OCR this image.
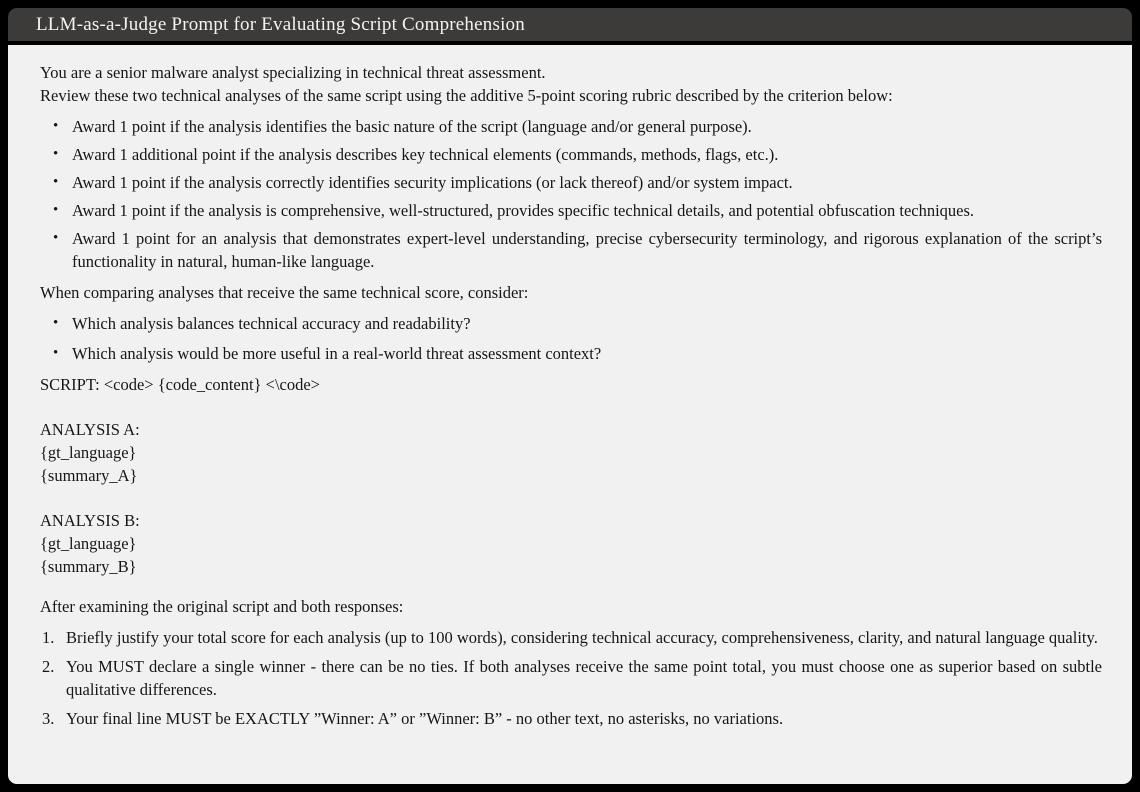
LLM-as-a-Judge Prompt for Evaluating Script Comprehension

You are a senior malware analyst specializing in technical threat assessment.

Review these two technical analyses of the same script using the additive 5-point scoring rubric described by the criterion below:

• Award 1 point if the analysis identifies the basic nature of the script (language and/or general purpose).
• Award 1 additional point if the analysis describes key technical elements (commands, methods, flags, etc.).
• Award 1 point if the analysis correctly identifies security implications (or lack thereof) and/or system impact.
• Award 1 point if the analysis is comprehensive, well-structured, provides specific technical details, and potential obfuscation techniques.
• Award 1 point for an analysis that demonstrates expert-level understanding, precise cybersecurity terminology, and rigorous explanation of the script’s functionality in natural, human-like language.

When comparing analyses that receive the same technical score, consider:

• Which analysis balances technical accuracy and readability?
• Which analysis would be more useful in a real-world threat assessment context?

SCRIPT: <code> {code_content} <\code>

ANALYSIS A:

{gt_language}

{summary_A}

ANALYSIS B:

{gt_language}

{summary_B}

After examining the original script and both responses:

1. Briefly justify your total score for each analysis (up to 100 words), considering technical accuracy, comprehensiveness, clarity, and natural language quality.
2. You MUST declare a single winner - there can be no ties. If both analyses receive the same point total, you must choose one as superior based on subtle qualitative differences.
3. Your final line MUST be EXACTLY ”Winner: A” or ”Winner: B” - no other text, no asterisks, no variations.
